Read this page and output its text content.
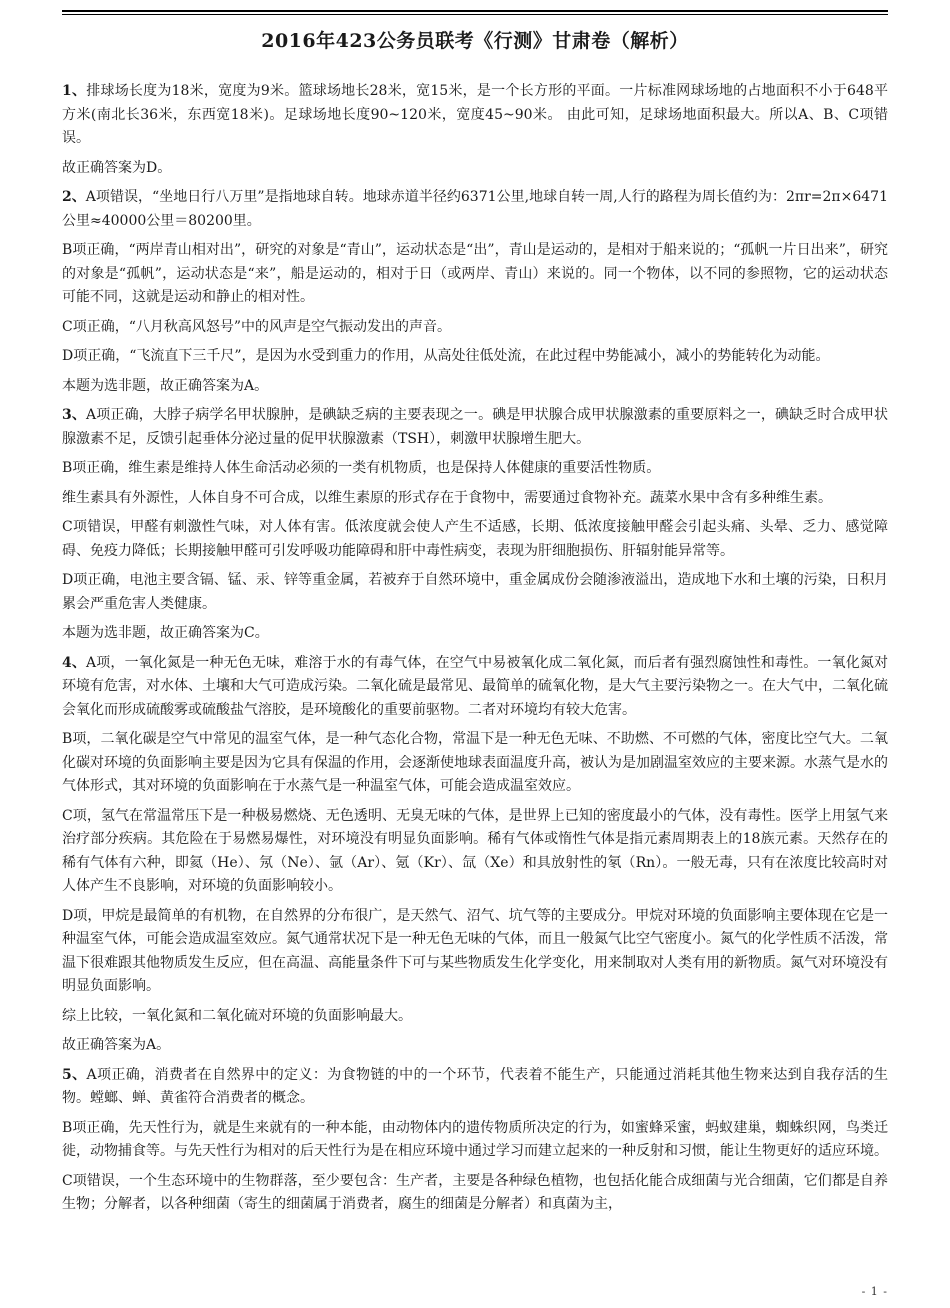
2016年423公务员联考《行测》甘肃卷（解析）

1、排球场长度为18米，宽度为9米。篮球场地长28米，宽15米，是一个长方形的平面。一片标准网球场地的占地面积不小于648平方米(南北长36米，东西宽18米)。足球场地长度90~120米，宽度45~90米。 由此可知，足球场地面积最大。所以A、B、C项错误。

故正确答案为D。

2、A项错误，“坐地日行八万里”是指地球自转。地球赤道半径约6371公里,地球自转一周,人行的路程为周长值约为：2πr=2π×6471公里≈40000公里＝80200里。

B项正确，“两岸青山相对出”，研究的对象是“青山”，运动状态是“出”，青山是运动的，是相对于船来说的；“孤帆一片日出来”，研究的对象是“孤帆”，运动状态是“来”，船是运动的，相对于日（或两岸、青山）来说的。同一个物体，以不同的参照物，它的运动状态可能不同，这就是运动和静止的相对性。

C项正确，“八月秋高风怒号”中的风声是空气振动发出的声音。

D项正确，“飞流直下三千尺”，是因为水受到重力的作用，从高处往低处流，在此过程中势能减小，减小的势能转化为动能。

本题为选非题，故正确答案为A。

3、A项正确，大脖子病学名甲状腺肿，是碘缺乏病的主要表现之一。碘是甲状腺合成甲状腺激素的重要原料之一，碘缺乏时合成甲状腺激素不足，反馈引起垂体分泌过量的促甲状腺激素（TSH），刺激甲状腺增生肥大。

B项正确，维生素是维持人体生命活动必须的一类有机物质，也是保持人体健康的重要活性物质。

维生素具有外源性，人体自身不可合成，以维生素原的形式存在于食物中，需要通过食物补充。蔬菜水果中含有多种维生素。

C项错误，甲醛有刺激性气味，对人体有害。低浓度就会使人产生不适感，长期、低浓度接触甲醛会引起头痛、头晕、乏力、感觉障碍、免疫力降低；长期接触甲醛可引发呼吸功能障碍和肝中毒性病变，表现为肝细胞损伤、肝辐射能异常等。

D项正确，电池主要含镉、锰、汞、锌等重金属，若被弃于自然环境中，重金属成份会随渗液溢出，造成地下水和土壤的污染，日积月累会严重危害人类健康。

本题为选非题，故正确答案为C。

4、A项，一氧化氮是一种无色无味，难溶于水的有毒气体，在空气中易被氧化成二氧化氮，而后者有强烈腐蚀性和毒性。一氧化氮对环境有危害，对水体、土壤和大气可造成污染。二氧化硫是最常见、最简单的硫氧化物，是大气主要污染物之一。在大气中，二氧化硫会氧化而形成硫酸雾或硫酸盐气溶胶，是环境酸化的重要前驱物。二者对环境均有较大危害。

B项，二氧化碳是空气中常见的温室气体，是一种气态化合物，常温下是一种无色无味、不助燃、不可燃的气体，密度比空气大。二氧化碳对环境的负面影响主要是因为它具有保温的作用，会逐渐使地球表面温度升高，被认为是加剧温室效应的主要来源。水蒸气是水的气体形式，其对环境的负面影响在于水蒸气是一种温室气体，可能会造成温室效应。

C项，氢气在常温常压下是一种极易燃烧、无色透明、无臭无味的气体，是世界上已知的密度最小的气体，没有毒性。医学上用氢气来治疗部分疾病。其危险在于易燃易爆性，对环境没有明显负面影响。稀有气体或惰性气体是指元素周期表上的18族元素。天然存在的稀有气体有六种，即氦（He）、氖（Ne）、氩（Ar）、氪（Kr）、氙（Xe）和具放射性的氡（Rn）。一般无毒，只有在浓度比较高时对人体产生不良影响，对环境的负面影响较小。

D项，甲烷是最简单的有机物，在自然界的分布很广，是天然气、沼气、坑气等的主要成分。甲烷对环境的负面影响主要体现在它是一种温室气体，可能会造成温室效应。氮气通常状况下是一种无色无味的气体，而且一般氮气比空气密度小。氮气的化学性质不活泼，常温下很难跟其他物质发生反应，但在高温、高能量条件下可与某些物质发生化学变化，用来制取对人类有用的新物质。氮气对环境没有明显负面影响。

综上比较，一氧化氮和二氧化硫对环境的负面影响最大。

故正确答案为A。

5、A项正确，消费者在自然界中的定义：为食物链的中的一个环节，代表着不能生产，只能通过消耗其他生物来达到自我存活的生物。螳螂、蝉、黄雀符合消费者的概念。

B项正确，先天性行为，就是生来就有的一种本能，由动物体内的遗传物质所决定的行为，如蜜蜂采蜜，蚂蚁建巢，蜘蛛织网，鸟类迁徙，动物捕食等。与先天性行为相对的后天性行为是在相应环境中通过学习而建立起来的一种反射和习惯，能让生物更好的适应环境。

C项错误，一个生态环境中的生物群落，至少要包含：生产者，主要是各种绿色植物，也包括化能合成细菌与光合细菌，它们都是自养生物；分解者，以各种细菌（寄生的细菌属于消费者，腐生的细菌是分解者）和真菌为主，

- 1 -
